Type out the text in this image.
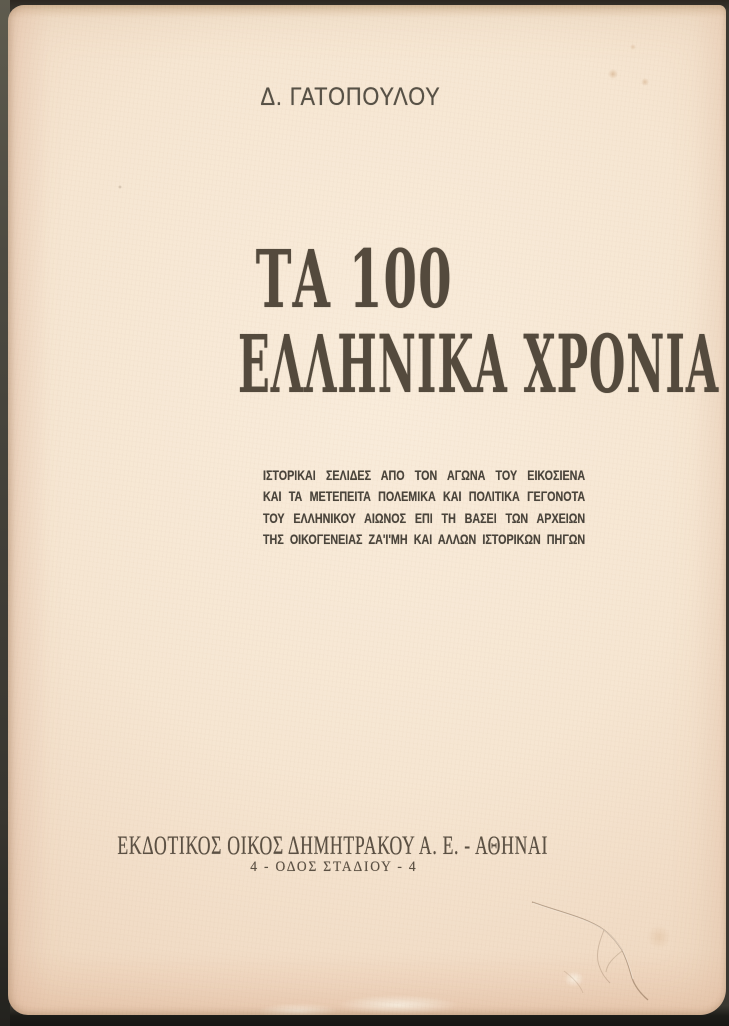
Δ. ΓΑΤΟΠΟΥΛΟΥ
ΤΑ 100
ΕΛΛΗΝΙΚΑ ΧΡΟΝΙΑ
ΙΣΤΟΡΙΚΑΙ ΣΕΛΙΔΕΣ ΑΠΟ ΤΟΝ ΑΓΩΝΑ ΤΟΥ ΕΙΚΟΣΙΕΝΑ
ΚΑΙ ΤΑ ΜΕΤΕΠΕΙΤΑ ΠΟΛΕΜΙΚΑ ΚΑΙ ΠΟΛΙΤΙΚΑ ΓΕΓΟΝΟΤΑ
ΤΟΥ ΕΛΛΗΝΙΚΟΥ ΑΙΩΝΟΣ ΕΠΙ ΤΗ ΒΑΣΕΙ ΤΩΝ ΑΡΧΕΙΩΝ
ΤΗΣ ΟΙΚΟΓΕΝΕΙΑΣ ΖΑ'Ι'ΜΗ ΚΑΙ ΑΛΛΩΝ ΙΣΤΟΡΙΚΩΝ ΠΗΓΩΝ
ΕΚΔΟΤΙΚΟΣ ΟΙΚΟΣ ΔΗΜΗΤΡΑΚΟΥ Α. Ε. - ΑΘΗΝΑΙ
4 - ΟΔΟΣ ΣΤΑΔΙΟΥ - 4
